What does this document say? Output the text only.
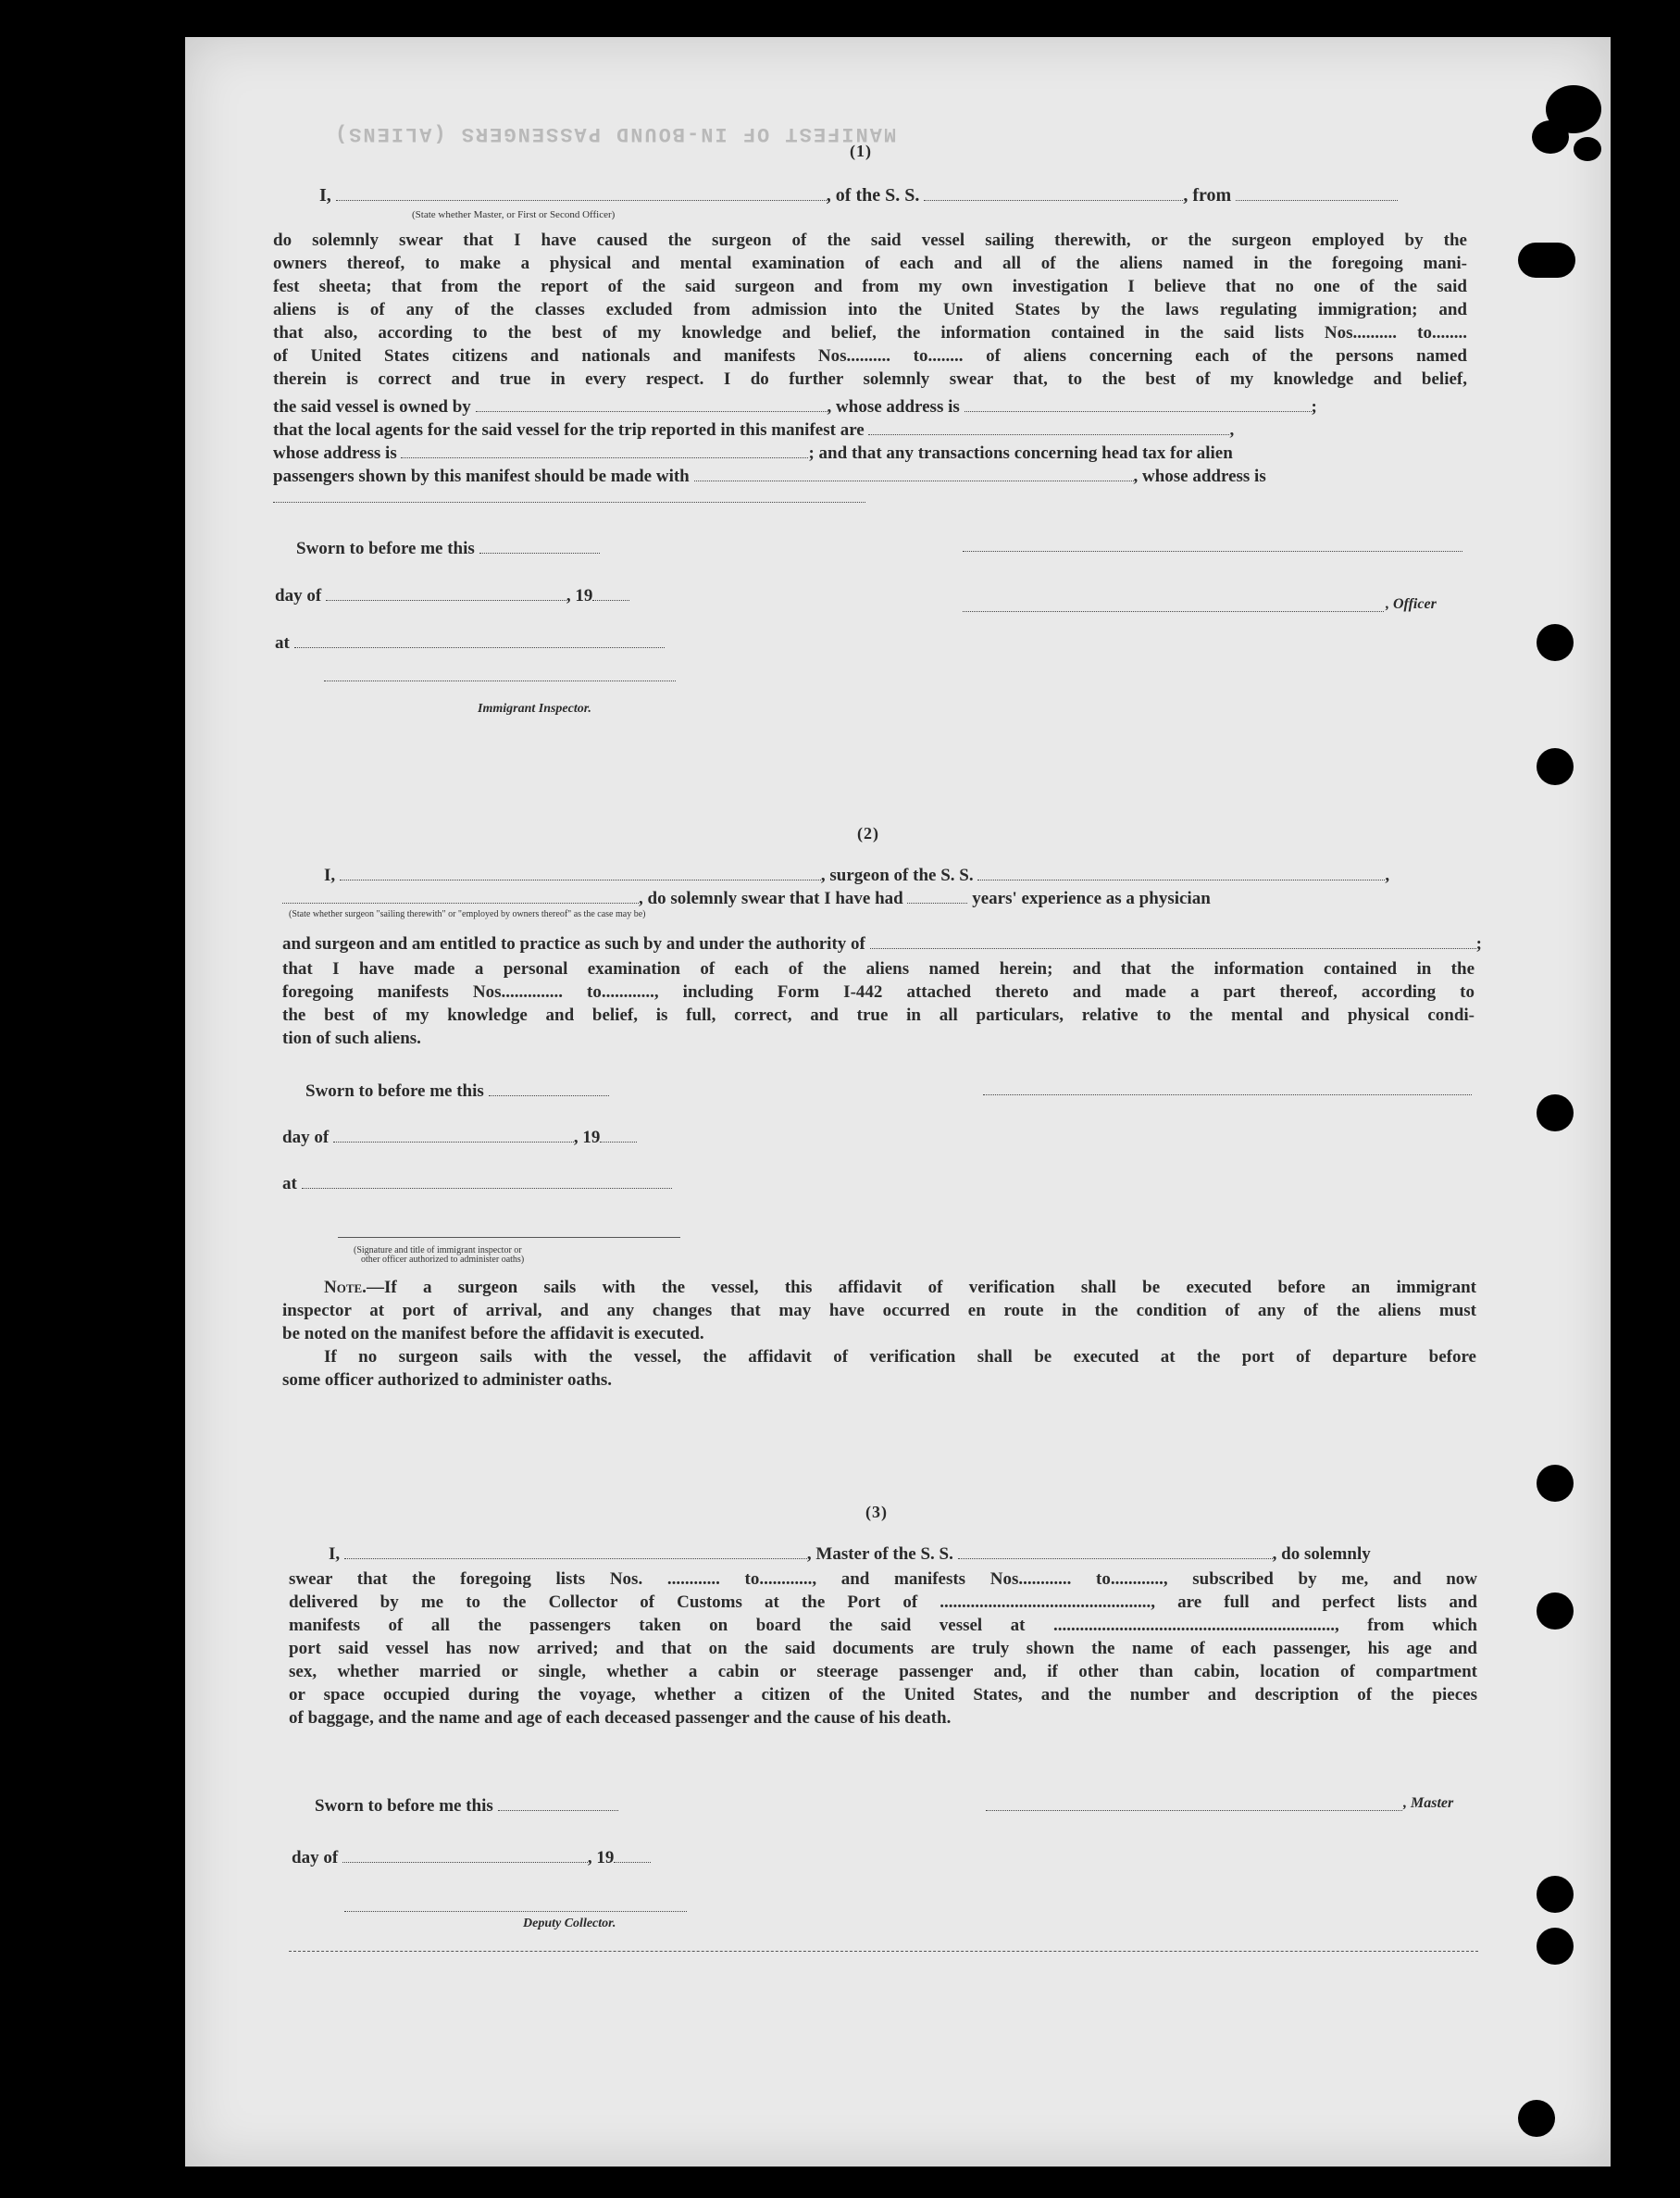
MANIFEST OF IN-BOUND PASSENGERS (ALIENS)
(1)
I,	, of the S. S.	, from
(State whether Master, or First or Second Officer)
do solemnly swear that I have caused the surgeon of the said vessel sailing therewith, or the surgeon employed by the
owners thereof, to make a physical and mental examination of each and all of the aliens named in the foregoing mani-
fest sheeta; that from the report of the said surgeon and from my own investigation I believe that no one of the said
aliens is of any of the classes excluded from admission into the United States by the laws regulating immigration; and
that also, according to the best of my knowledge and belief, the information contained in the said lists Nos.......... to........
of United States citizens and nationals and manifests Nos.......... to........ of aliens concerning each of the persons named
therein is correct and true in every respect. I do further solemnly swear that, to the best of my knowledge and belief,
the said vessel is owned by	, whose address is	;
that the local agents for the said vessel for the trip reported in this manifest are	,
whose address is	; and that any transactions concerning head tax for alien
passengers shown by this manifest should be made with	, whose address is
Sworn to before me this
day of	, 19	, Officer
at
Immigrant Inspector.
(2)
I,	, surgeon of the S. S.	,
, do solemnly swear that I have had	years' experience as a physician
(State whether surgeon "sailing therewith" or "employed by owners thereof" as the case may be)
and surgeon and am entitled to practice as such by and under the authority of	;
that I have made a personal examination of each of the aliens named herein; and that the information contained in the
foregoing manifests Nos.............. to............, including Form I-442 attached thereto and made a part thereof, according to
the best of my knowledge and belief, is full, correct, and true in all particulars, relative to the mental and physical condi-
tion of such aliens.
Sworn to before me this
day of	, 19
at
(Signature and title of immigrant inspector or
other officer authorized to administer oaths)
Note.—If a surgeon sails with the vessel, this affidavit of verification shall be executed before an immigrant
inspector at port of arrival, and any changes that may have occurred en route in the condition of any of the aliens must
be noted on the manifest before the affidavit is executed.
If no surgeon sails with the vessel, the affidavit of verification shall be executed at the port of departure before
some officer authorized to administer oaths.
(3)
I,	, Master of the S. S.	, do solemnly
swear that the foregoing lists Nos. ............ to............, and manifests Nos............ to............, subscribed by me, and now
delivered by me to the Collector of Customs at the Port of ................................................, are full and perfect lists and
manifests of all the passengers taken on board the said vessel at ................................................................, from which
port said vessel has now arrived; and that on the said documents are truly shown the name of each passenger, his age and
sex, whether married or single, whether a cabin or steerage passenger and, if other than cabin, location of compartment
or space occupied during the voyage, whether a citizen of the United States, and the number and description of the pieces
of baggage, and the name and age of each deceased passenger and the cause of his death.
Sworn to before me this	, Master
day of	, 19
Deputy Collector.
